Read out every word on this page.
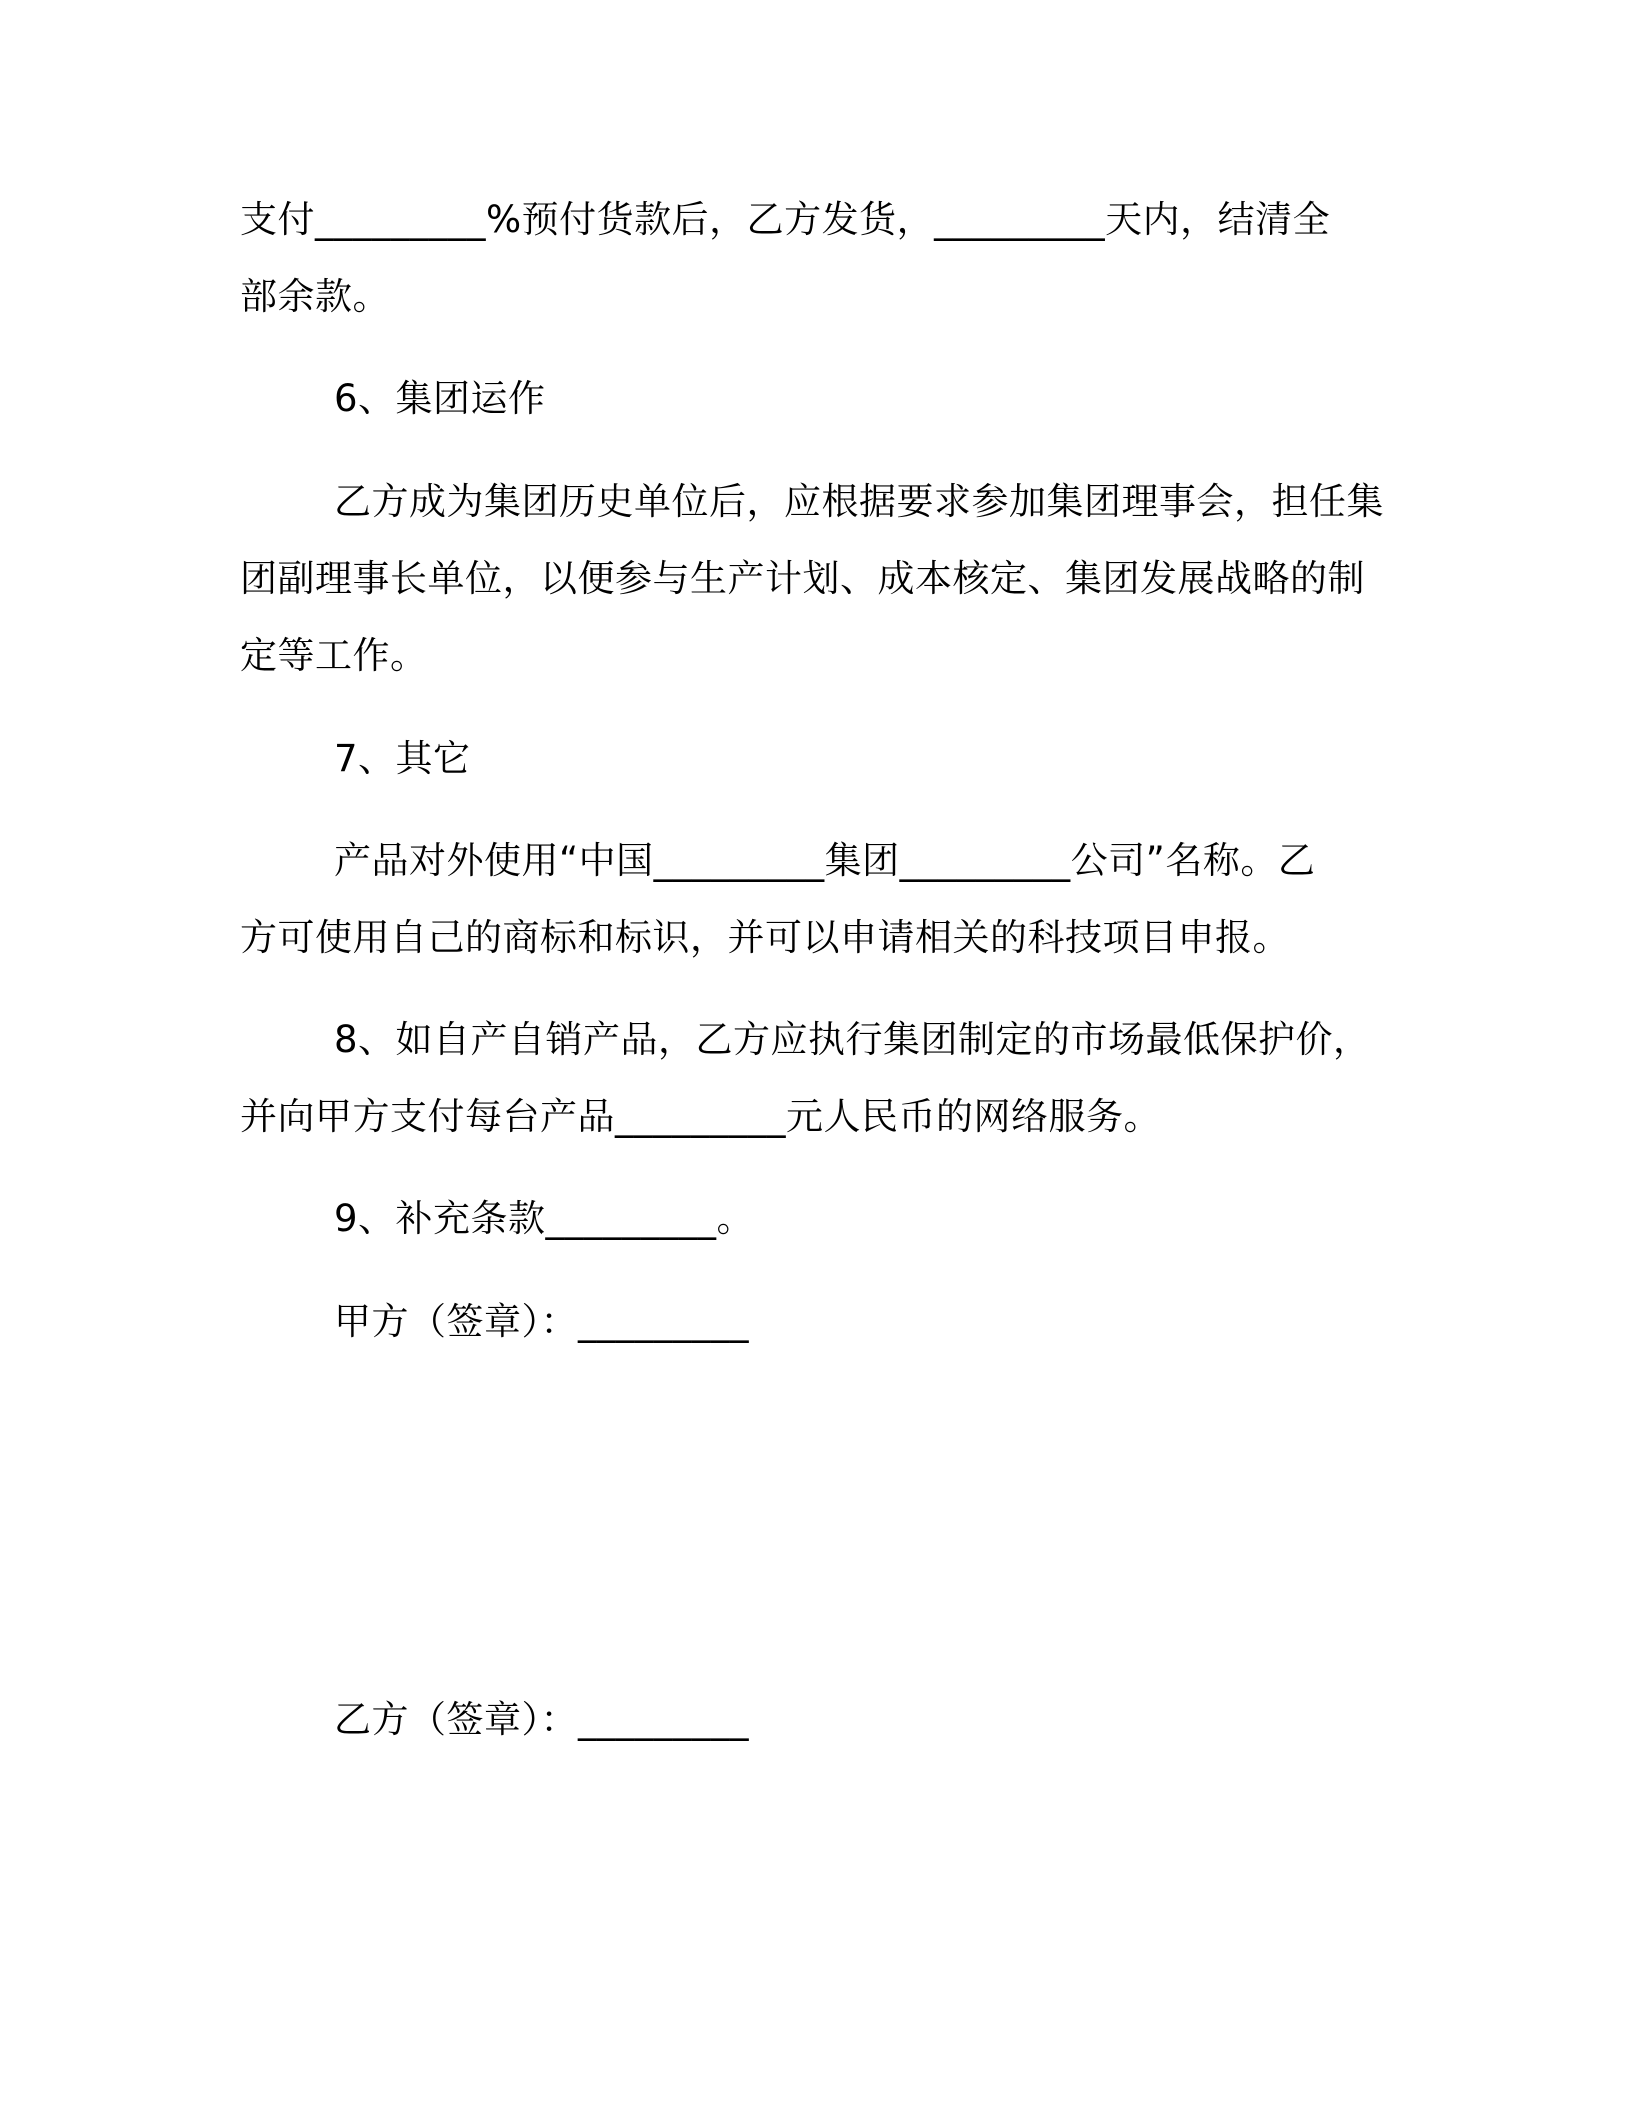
支付_________%预付货款后，乙方发货，_________天内，结清全
部余款。
6、集团运作
乙方成为集团历史单位后，应根据要求参加集团理事会，担任集
团副理事长单位，以便参与生产计划、成本核定、集团发展战略的制
定等工作。
7、其它
产品对外使用“中国_________集团_________公司”名称。乙
方可使用自己的商标和标识，并可以申请相关的科技项目申报。
8、如自产自销产品，乙方应执行集团制定的市场最低保护价，
并向甲方支付每台产品_________元人民币的网络服务。
9、补充条款_________。
甲方（签章）：_________
乙方（签章）：_________
